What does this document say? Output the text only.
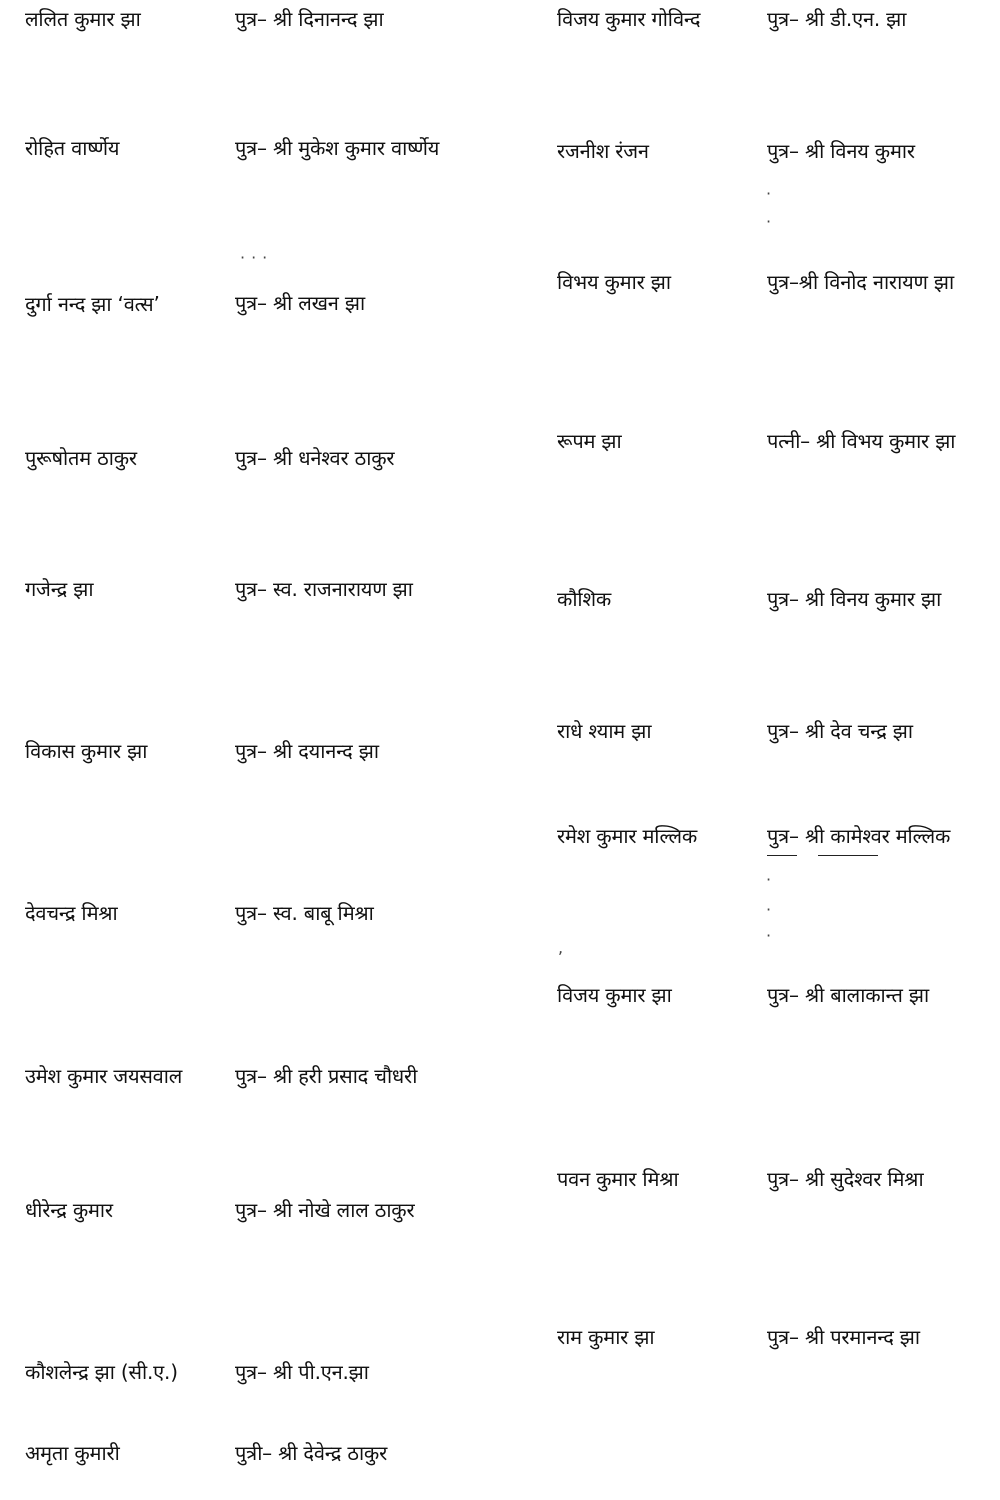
ललित कुमार झा	पुत्र– श्री दिनानन्द झा
रोहित वार्ष्णेय	पुत्र– श्री मुकेश कुमार वार्ष्णेय
दुर्गा नन्द झा ‘वत्स’	पुत्र– श्री लखन झा
पुरूषोतम ठाकुर	पुत्र– श्री धनेश्वर ठाकुर
गजेन्द्र झा	पुत्र– स्व. राजनारायण झा
विकास कुमार झा	पुत्र– श्री दयानन्द झा
देवचन्द्र मिश्रा	पुत्र– स्व. बाबू मिश्रा
उमेश कुमार जयसवाल	पुत्र– श्री हरी प्रसाद चौधरी
धीरेन्द्र कुमार	पुत्र– श्री नोखे लाल ठाकुर
कौशलेन्द्र झा (सी.ए.)	पुत्र– श्री पी.एन.झा
अमृता कुमारी	पुत्री– श्री देवेन्द्र ठाकुर
विजय कुमार गोविन्द	पुत्र– श्री डी.एन. झा
रजनीश रंजन	पुत्र– श्री विनय कुमार
विभय कुमार झा	पुत्र–श्री विनोद नारायण झा
रूपम झा	पत्नी– श्री विभय कुमार झा
कौशिक	पुत्र– श्री विनय कुमार झा
राधे श्याम झा	पुत्र– श्री देव चन्द्र झा
रमेश कुमार मल्लिक	पुत्र– श्री कामेश्वर मल्लिक
विजय कुमार झा	पुत्र– श्री बालाकान्त झा
पवन कुमार मिश्रा	पुत्र– श्री सुदेश्वर मिश्रा
राम कुमार झा	पुत्र– श्री परमानन्द झा
·
·
···
·
·
·
,
